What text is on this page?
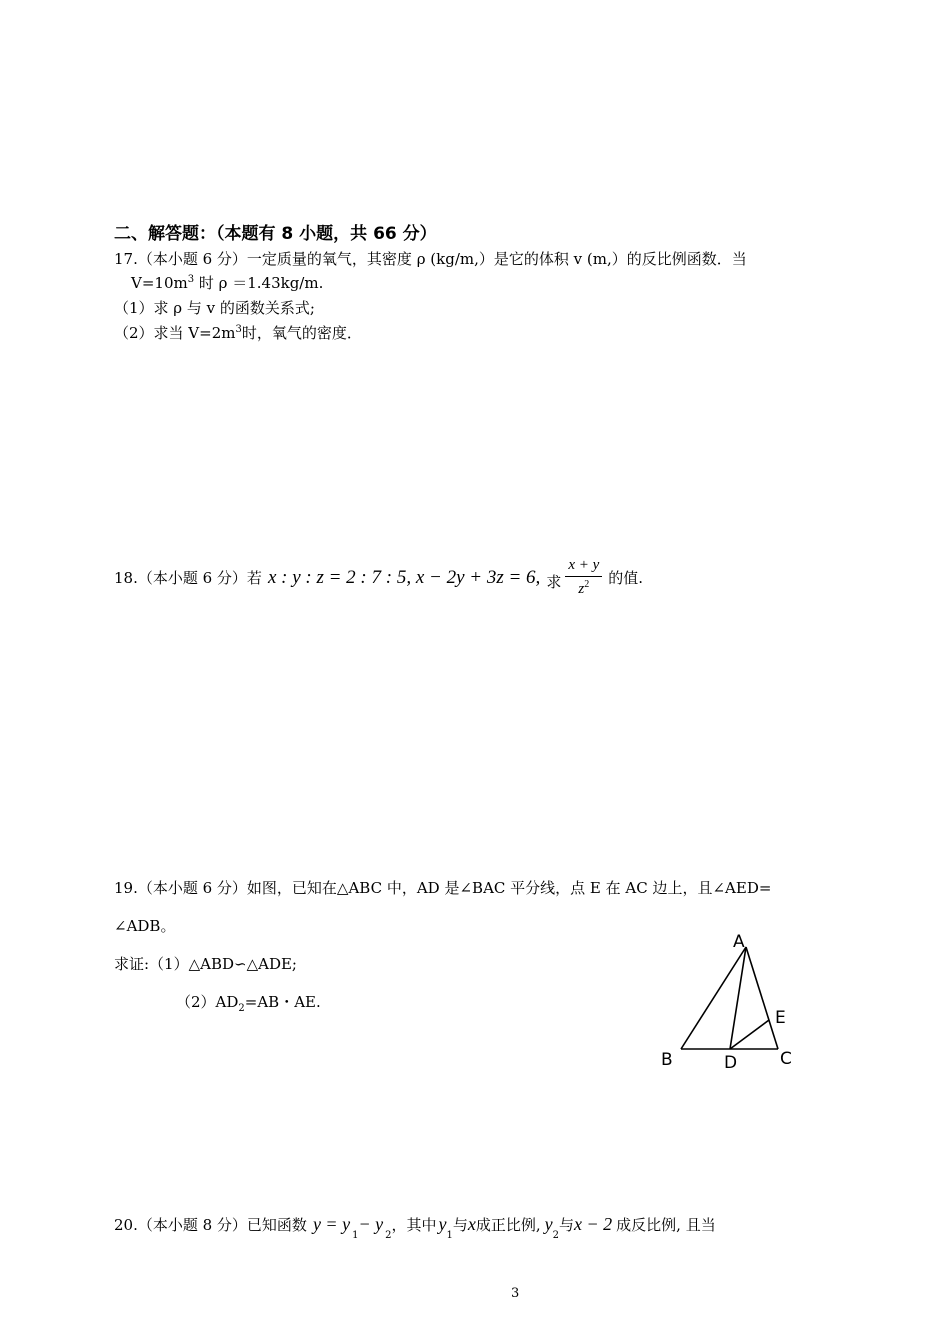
二、解答题：（本题有 8 小题，共 66 分）
17.（本小题 6 分）一定质量的氧气，其密度 ρ (kg/m,）是它的体积 v (m,）的反比例函数．当
$V=10m^3$ 时 ρ ＝1.43kg/m.
（1）求 ρ 与 v 的函数关系式;
（2）求当 $V=2m^3$时，氧气的密度．
18.（本小题 6 分）若 x : y : z = 2 : 7 : 5, x − 2y + 3z = 6, 求 $\frac{x + y}{z^2}$ 的值.
19.（本小题 6 分）如图，已知在△ABC 中，AD 是∠BAC 平分线，点 E 在 AC 边上，且∠AED=
∠ADB。
求证:（1）△ABD∽△ADE;
$(2)AD_2=AB$・AE.
A
B	C
D
E
20.（本小题 8 分）已知函数 y = y
$_1$
− y
$_2$
，其中 y
$_1$
与 x 成正比例, y
$_2$
与 x − 2 成反比例, 且当
3
